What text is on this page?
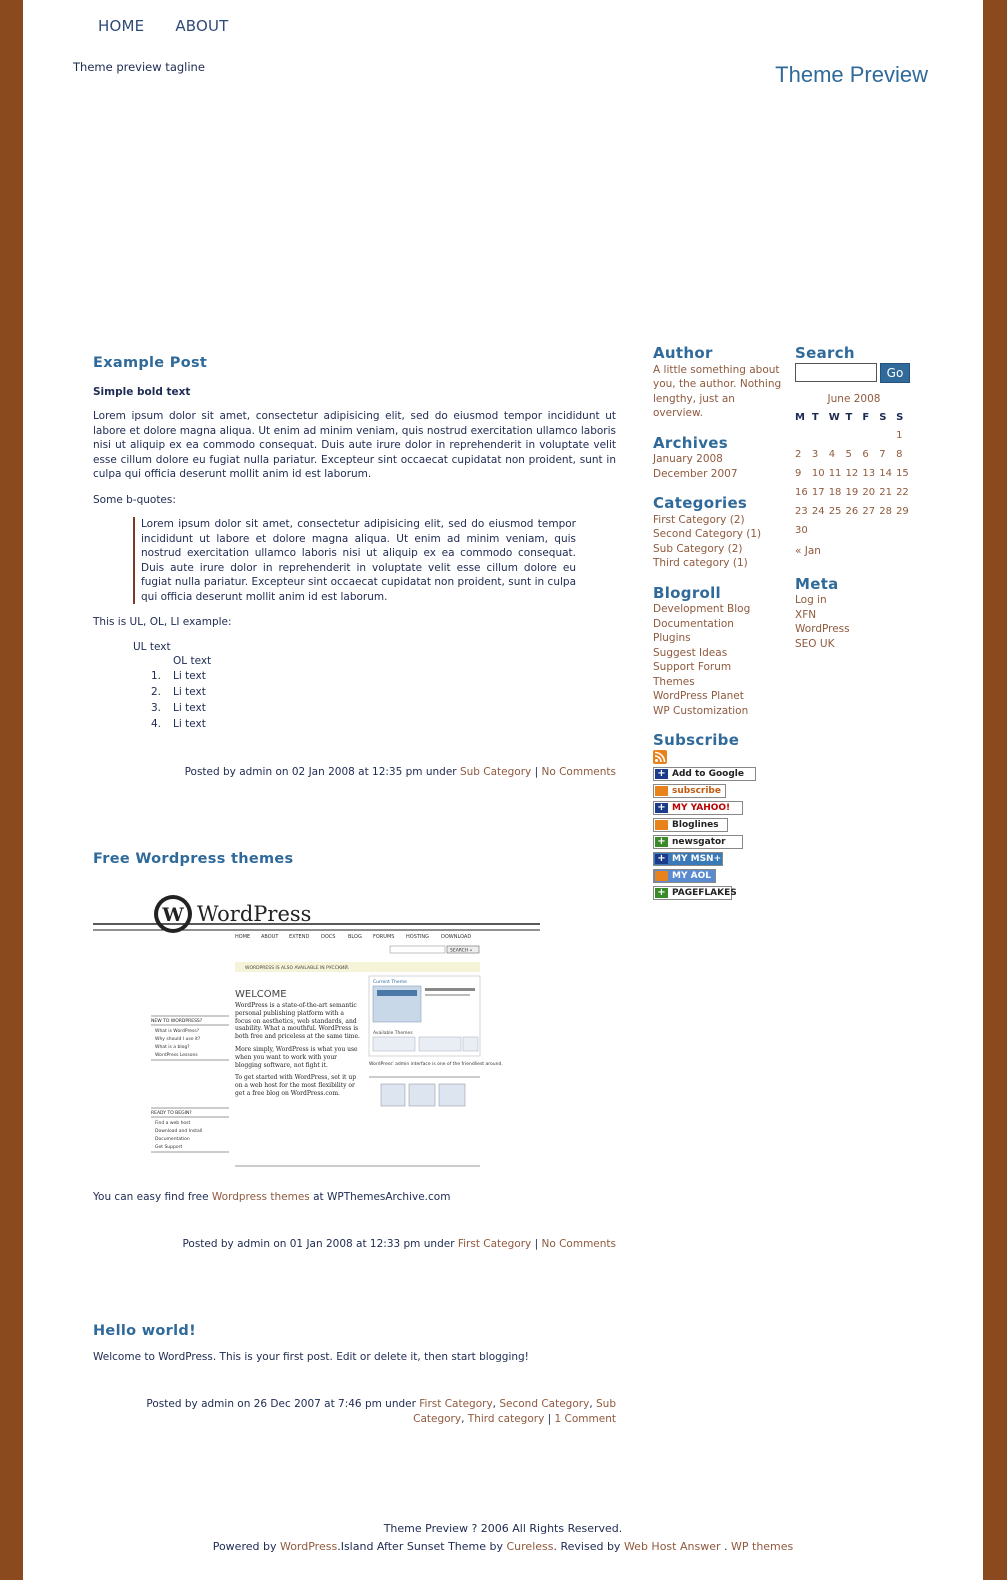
HOME ABOUT
Theme preview tagline	Theme Preview
Example Post

Simple bold text

Lorem ipsum dolor sit amet, consectetur adipisicing elit, sed do eiusmod tempor incididunt ut labore et dolore magna aliqua. Ut enim ad minim veniam, quis nostrud exercitation ullamco laboris nisi ut aliquip ex ea commodo consequat. Duis aute irure dolor in reprehenderit in voluptate velit esse cillum dolore eu fugiat nulla pariatur. Excepteur sint occaecat cupidatat non proident, sunt in culpa qui officia deserunt mollit anim id est laborum.

Some b-quotes:

Lorem ipsum dolor sit amet, consectetur adipisicing elit, sed do eiusmod tempor incididunt ut labore et dolore magna aliqua. Ut enim ad minim veniam, quis nostrud exercitation ullamco laboris nisi ut aliquip ex ea commodo consequat. Duis aute irure dolor in reprehenderit in voluptate velit esse cillum dolore eu fugiat nulla pariatur. Excepteur sint occaecat cupidatat non proident, sunt in culpa qui officia deserunt mollit anim id est laborum.

This is UL, OL, LI example:

UL text
OL text
1. Li text
2. Li text
3. Li text
4. Li text
Posted by admin on 02 Jan 2008 at 12:35 pm under Sub Category | No Comments
Free Wordpress themes
W WordPress
HOME ABOUT EXTEND DOCS	BLOG FORUMS HOSTING DOWNLOAD
SEARCH »
WORDPRESS IS ALSO AVAILABLE IN РУССКИЙ.
WELCOME
NEW TO WORDPRESS?
What is WordPress?
Why should I use it?
What is a blog?
WordPress Lessons
READY TO BEGIN?
Find a web host
Download and Install
Documentation
Get Support
WordPress is a state-of-the-art semantic personal publishing platform with a focus on aesthetics, web standards, and usability. What a mouthful. WordPress is both free and priceless at the same time.
More simply, WordPress is what you use when you want to work with your blogging software, not fight it.
To get started with WordPress, set it up on a web host for the most flexibility or get a free blog on WordPress.com.
Current Theme
Available Themes
WordPress' admin interface is one of the friendliest around.

You can easy find free Wordpress themes at WPThemesArchive.com

Posted by admin on 01 Jan 2008 at 12:33 pm under First Category | No Comments
Hello world!

Welcome to WordPress. This is your first post. Edit or delete it, then start blogging!

Posted by admin on 26 Dec 2007 at 7:46 pm under First Category, Second Category, Sub Category, Third category | 1 Comment
Author
A little something about you, the author. Nothing lengthy, just an overview.
Archives
January 2008
December 2007
Categories
First Category (2)
Second Category (1)
Sub Category (2)
Third category (1)
Blogroll
Development Blog
Documentation
Plugins
Suggest Ideas
Support Forum
Themes
WordPress Planet
WP Customization
Subscribe
+ Add to Google
subscribe
+ MY YAHOO!
Bloglines
+ newsgator
+ MY MSN+
MY AOL
+ PAGEFLAKES
Search
Go
June 2008
M	T	W	T	F	S	S
						1
2	3	4	5	6	7	8
9	10	11	12	13	14	15
16	17	18	19	20	21	22
23	24	25	26	27	28	29
30						
« Jan
Meta
Log in
XFN
WordPress
SEO UK
Theme Preview ? 2006 All Rights Reserved.
Powered by WordPress.Island After Sunset Theme by Cureless. Revised by Web Host Answer . WP themes
